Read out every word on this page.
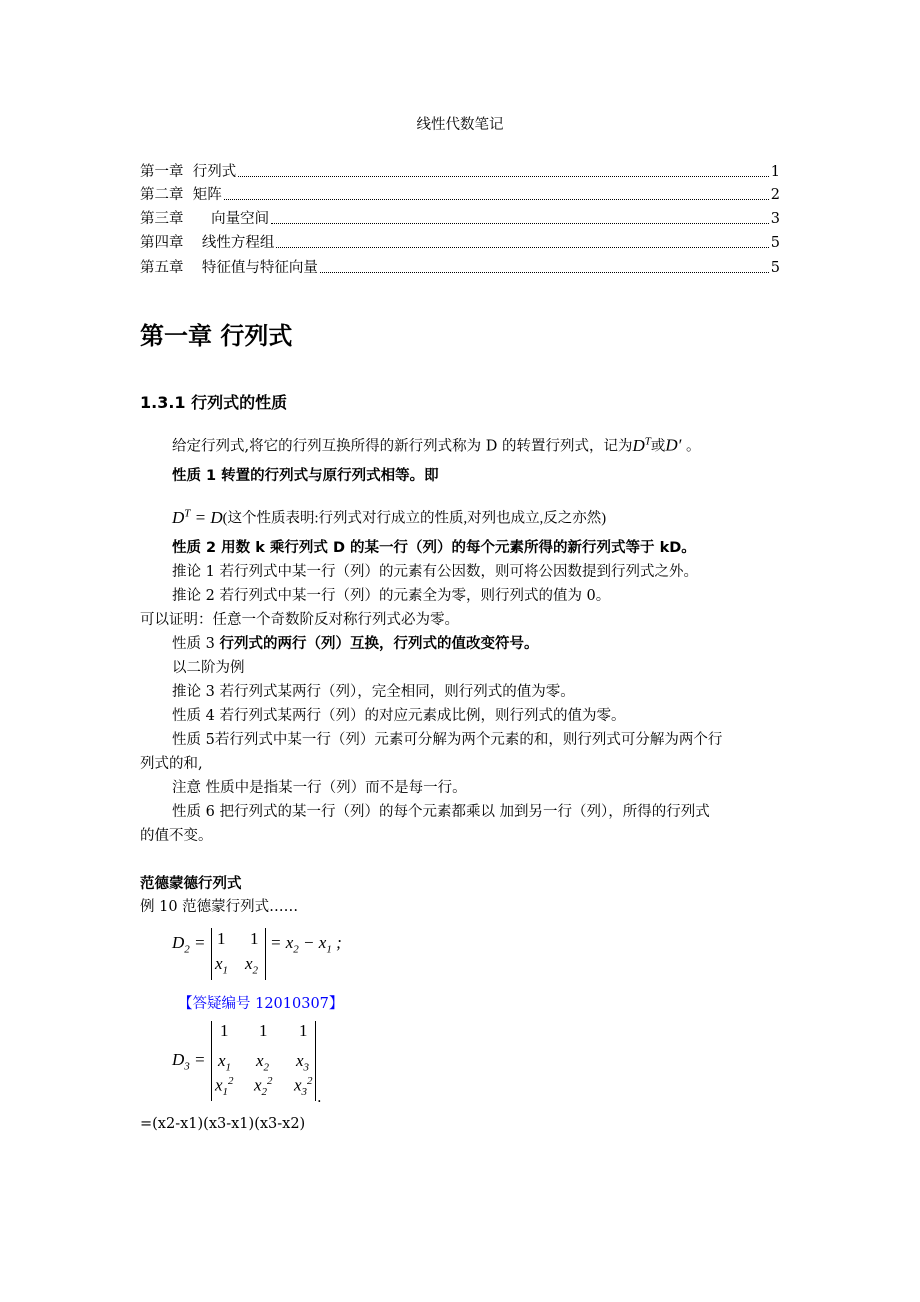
线性代数笔记
第一章  行列式	1
第二章  矩阵	2
第三章      向量空间	3
第四章    线性方程组	5
第五章    特征值与特征向量	5
第一章 行列式
1.3.1 行列式的性质
给定行列式,将它的行列互换所得的新行列式称为 D 的转置行列式，记为$D^T$或D′ 。
性质 1 转置的行列式与原行列式相等。即
$D^T = D$(这个性质表明:行列式对行成立的性质,对列也成立,反之亦然)
性质 2 用数 k 乘行列式 D 的某一行（列）的每个元素所得的新行列式等于 kD。
推论 1 若行列式中某一行（列）的元素有公因数，则可将公因数提到行列式之外。
推论 2 若行列式中某一行（列）的元素全为零，则行列式的值为 0。
可以证明：任意一个奇数阶反对称行列式必为零。
性质 3 行列式的两行（列）互换，行列式的值改变符号。
以二阶为例
推论 3 若行列式某两行（列），完全相同，则行列式的值为零。
性质 4 若行列式某两行（列）的对应元素成比例，则行列式的值为零。
性质 5若行列式中某一行（列）元素可分解为两个元素的和，则行列式可分解为两个行
列式的和,
注意 性质中是指某一行（列）而不是每一行。
性质 6 把行列式的某一行（列）的每个元素都乘以 加到另一行（列），所得的行列式
的值不变。
范德蒙德行列式
例 10 范德蒙行列式……
$D_2 = 1$ 1
$x_1$ $x_2$
= $x_2 - x_1$ ;
【答疑编号 12010307】
$D_3$ =
1 1 1
$x_1$ $x_2$ $x_3$
$x_1^2$ $x_2^2$ $x_3^2$
.
=(x2-x1)(x3-x1)(x3-x2)
